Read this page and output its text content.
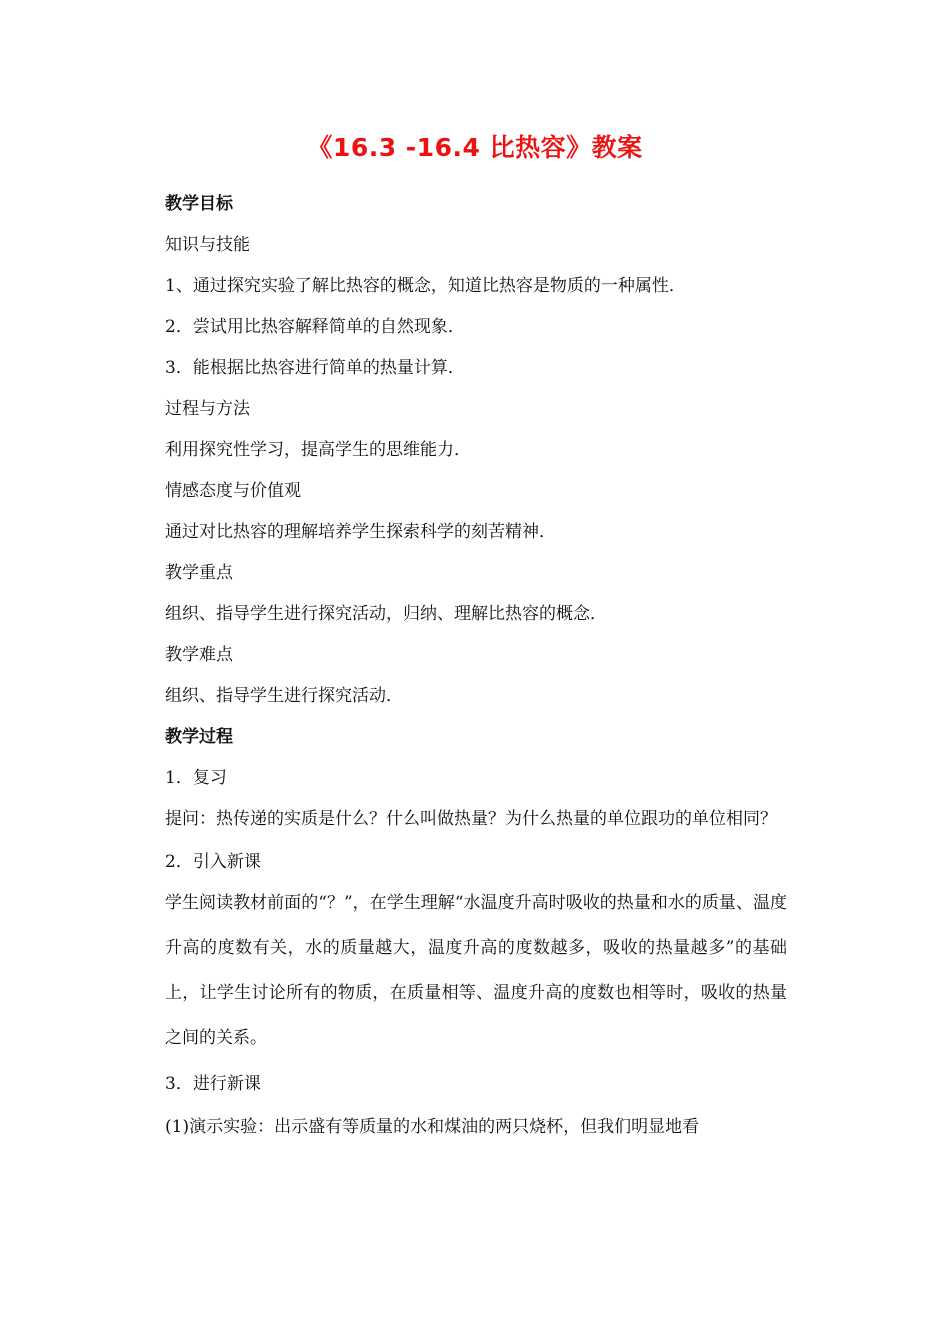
《16.3 -16.4 比热容》教案
教学目标
知识与技能
1、通过探究实验了解比热容的概念，知道比热容是物质的一种属性．
2．尝试用比热容解释简单的自然现象．
3．能根据比热容进行简单的热量计算．
过程与方法
利用探究性学习，提高学生的思维能力．
情感态度与价值观
通过对比热容的理解培养学生探索科学的刻苦精神．
教学重点
组织、指导学生进行探究活动，归纳、理解比热容的概念．
教学难点
组织、指导学生进行探究活动．
教学过程
1．复习

提问：热传递的实质是什么？什么叫做热量？为什么热量的单位跟功的单位相同？

2．引入新课

学生阅读教材前面的“？”，在学生理解“水温度升高时吸收的热量和水的质量、温度升高的度数有关，水的质量越大，温度升高的度数越多，吸收的热量越多”的基础上，让学生讨论所有的物质，在质量相等、温度升高的度数也相等时，吸收的热量之间的关系。

3．进行新课
(1)演示实验：出示盛有等质量的水和煤油的两只烧杯，但我们明显地看
